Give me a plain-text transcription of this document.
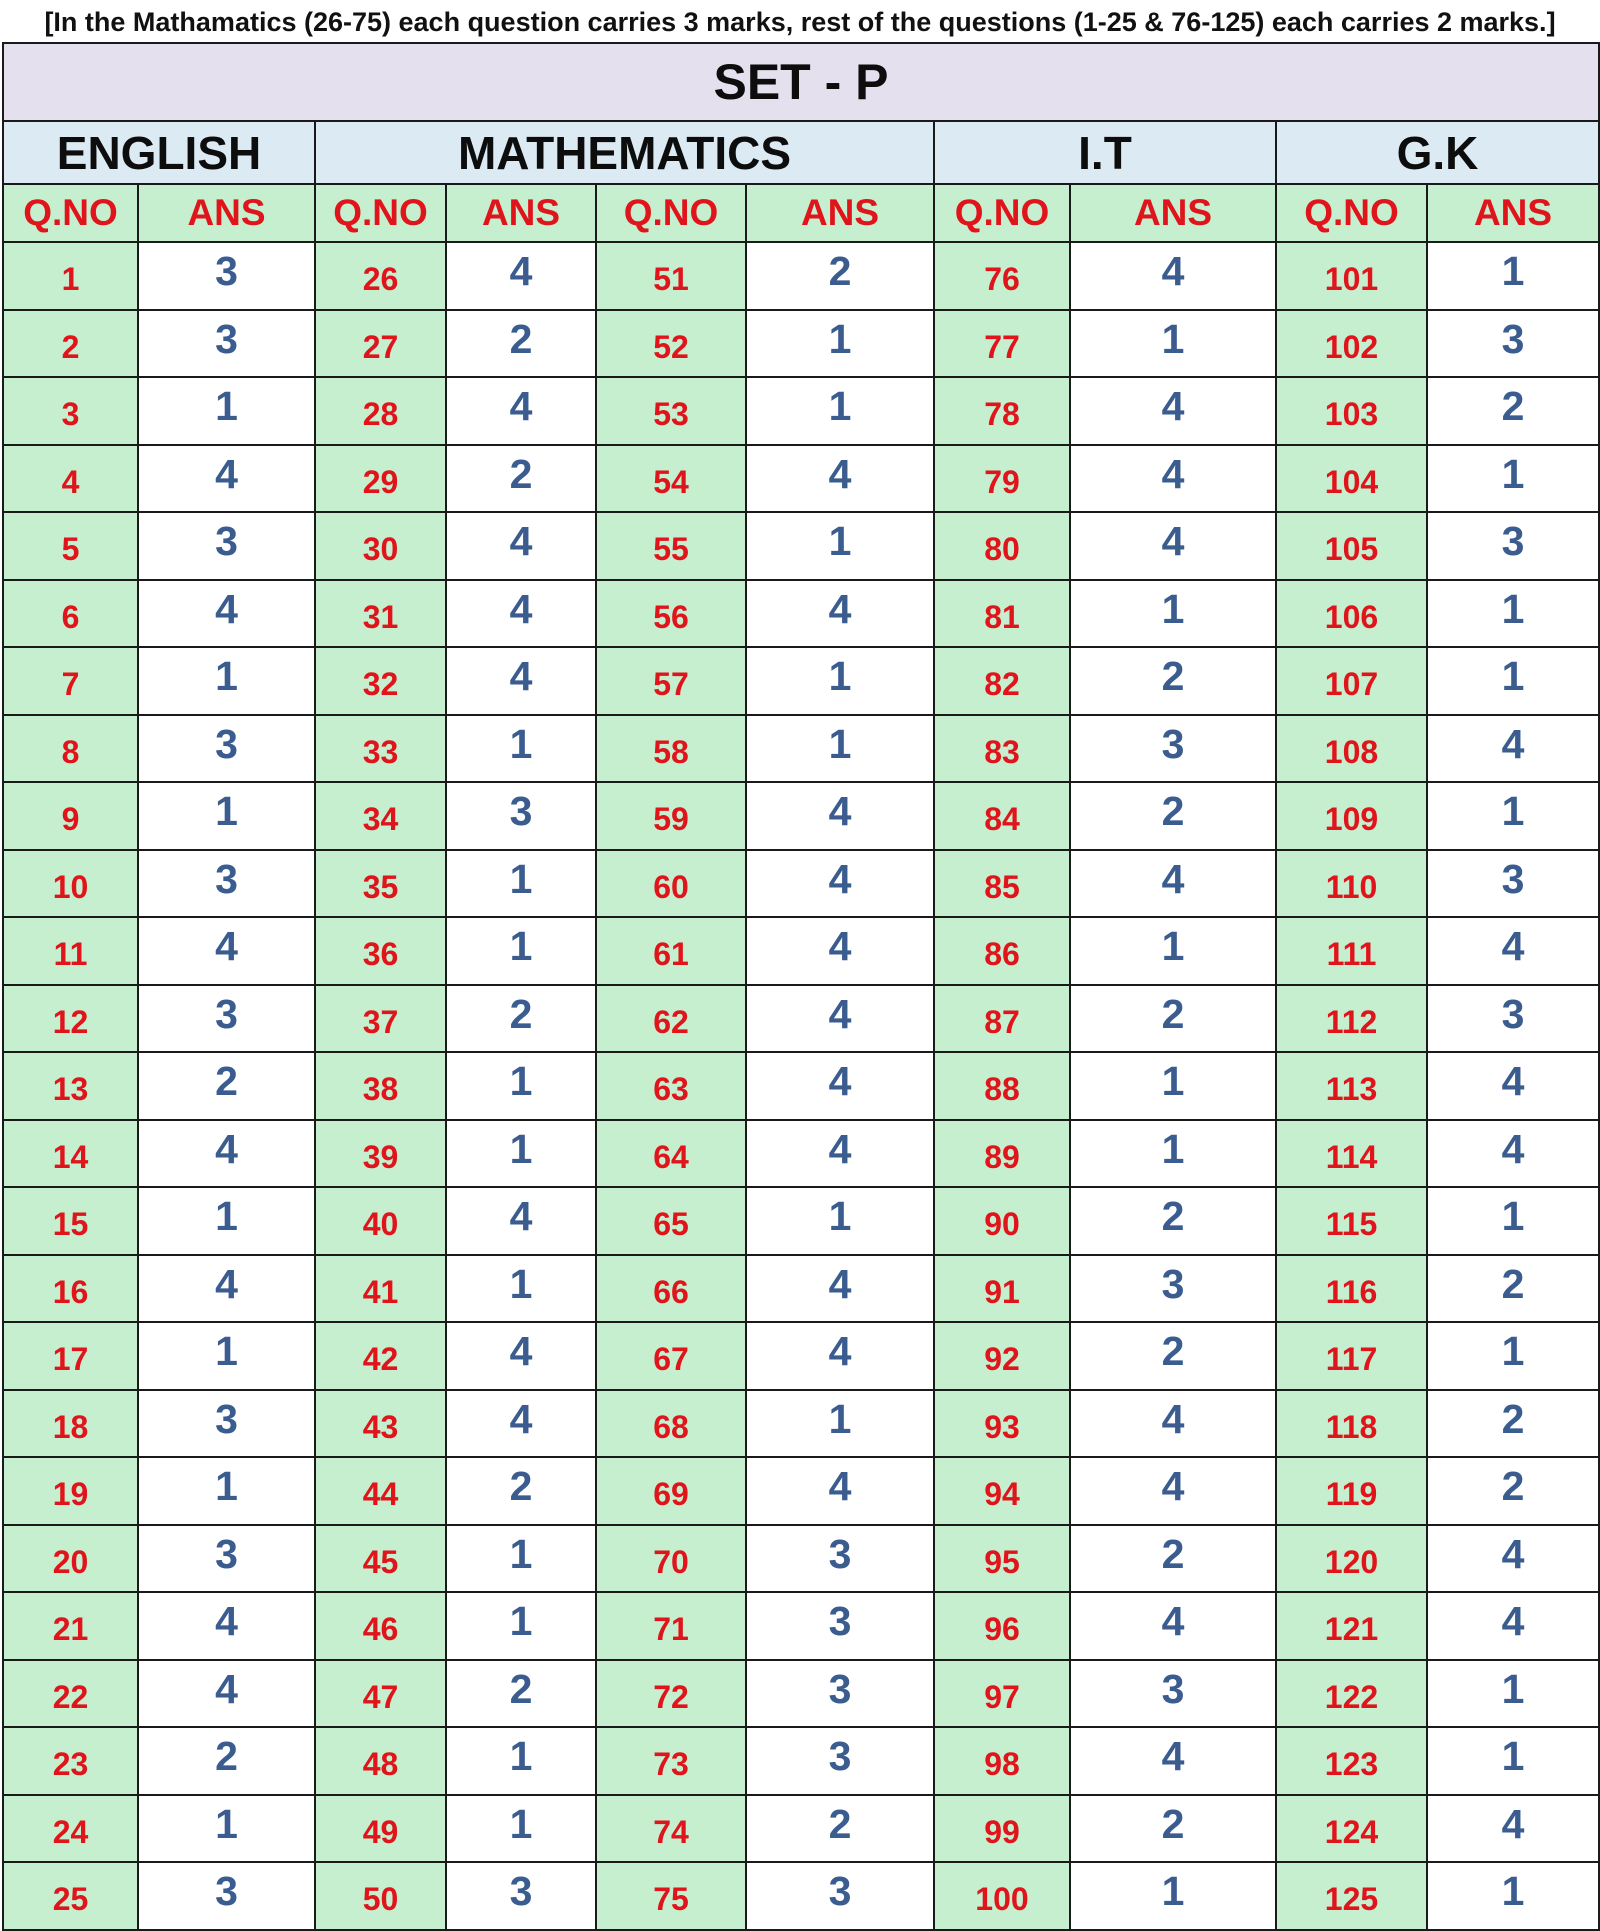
[In the Mathamatics (26-75) each question carries 3 marks, rest of the questions (1-25 & 76-125) each carries 2 marks.]
SET - P									
ENGLISH		MATHEMATICS				I.T		G.K	
Q.NO	ANS	Q.NO	ANS	Q.NO	ANS	Q.NO	ANS	Q.NO	ANS
1	3	26	4	51	2	76	4	101	1
2	3	27	2	52	1	77	1	102	3
3	1	28	4	53	1	78	4	103	2
4	4	29	2	54	4	79	4	104	1
5	3	30	4	55	1	80	4	105	3
6	4	31	4	56	4	81	1	106	1
7	1	32	4	57	1	82	2	107	1
8	3	33	1	58	1	83	3	108	4
9	1	34	3	59	4	84	2	109	1
10	3	35	1	60	4	85	4	110	3
11	4	36	1	61	4	86	1	111	4
12	3	37	2	62	4	87	2	112	3
13	2	38	1	63	4	88	1	113	4
14	4	39	1	64	4	89	1	114	4
15	1	40	4	65	1	90	2	115	1
16	4	41	1	66	4	91	3	116	2
17	1	42	4	67	4	92	2	117	1
18	3	43	4	68	1	93	4	118	2
19	1	44	2	69	4	94	4	119	2
20	3	45	1	70	3	95	2	120	4
21	4	46	1	71	3	96	4	121	4
22	4	47	2	72	3	97	3	122	1
23	2	48	1	73	3	98	4	123	1
24	1	49	1	74	2	99	2	124	4
25	3	50	3	75	3	100	1	125	1
